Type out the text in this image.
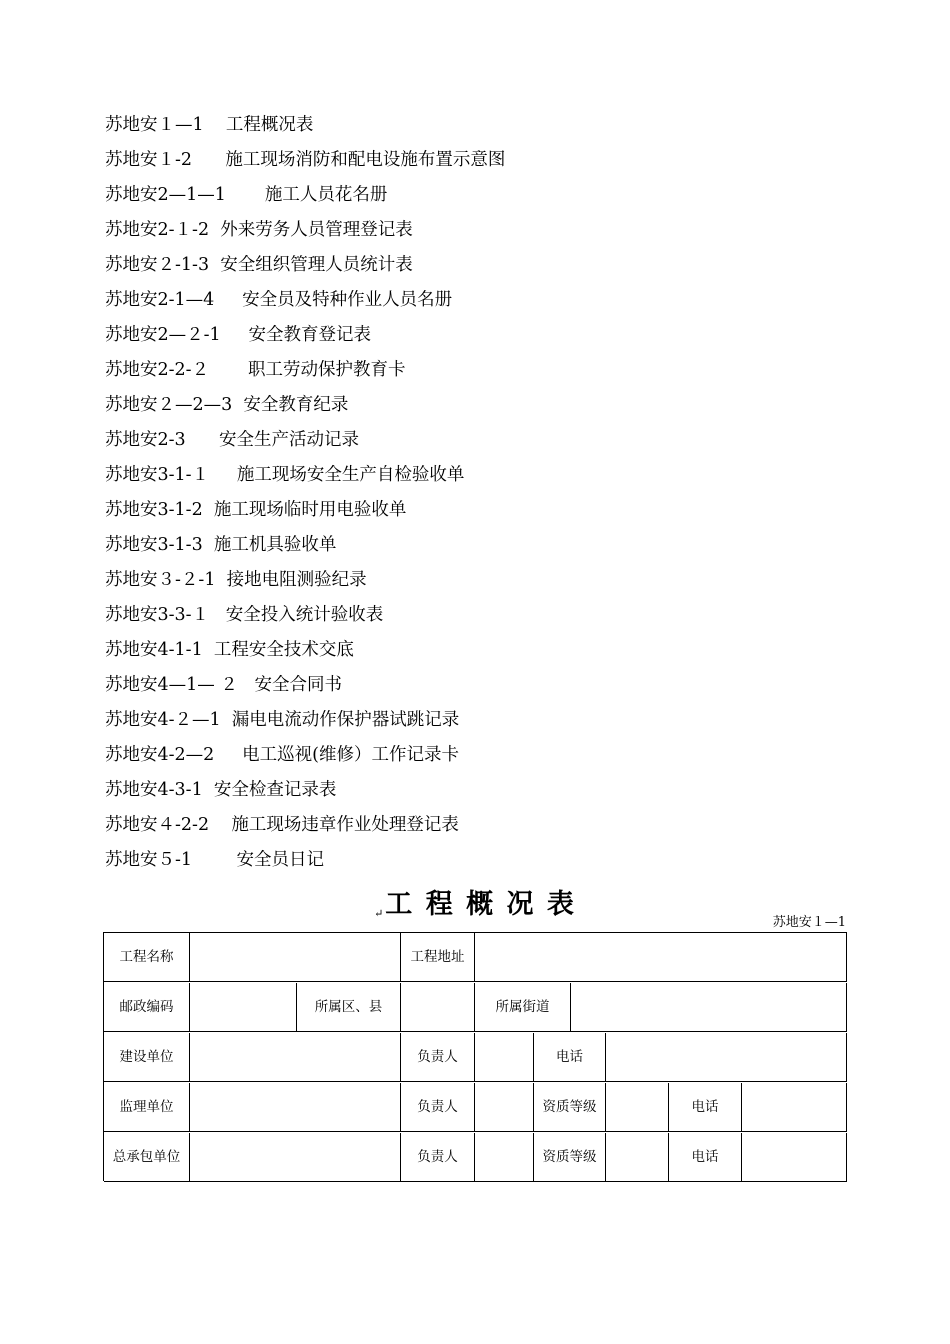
苏地安１—1    工程概况表
苏地安１-2      施工现场消防和配电设施布置示意图
苏地安2—1—1       施工人员花名册
苏地安2-１-2  外来劳务人员管理登记表
苏地安２-1-3  安全组织管理人员统计表
苏地安2-1—4     安全员及特种作业人员名册
苏地安2—２-1     安全教育登记表
苏地安2-2-２       职工劳动保护教育卡
苏地安２—2—3  安全教育纪录
苏地安2-3      安全生产活动记录
苏地安3-1-１     施工现场安全生产自检验收单
苏地安3-1-2  施工现场临时用电验收单
苏地安3-1-3  施工机具验收单
苏地安３-２-1  接地电阻测验纪录
苏地安3-3-１   安全投入统计验收表
苏地安4-1-1  工程安全技术交底
苏地安4—1— ２   安全合同书
苏地安4-２—1  漏电电流动作保护器试跳记录
苏地安4-2—2     电工巡视(维修）工作记录卡
苏地安4-3-1  安全检查记录表
苏地安４-2-2    施工现场违章作业处理登记表
苏地安５-1        安全员日记
↵工 程 概 况 表
苏地安１—1
工程名称	工程地址
邮政编码	所属区、县	所属街道
建设单位	负责人	电话
监理单位	负责人	资质等级	电话
总承包单位	负责人	资质等级	电话
